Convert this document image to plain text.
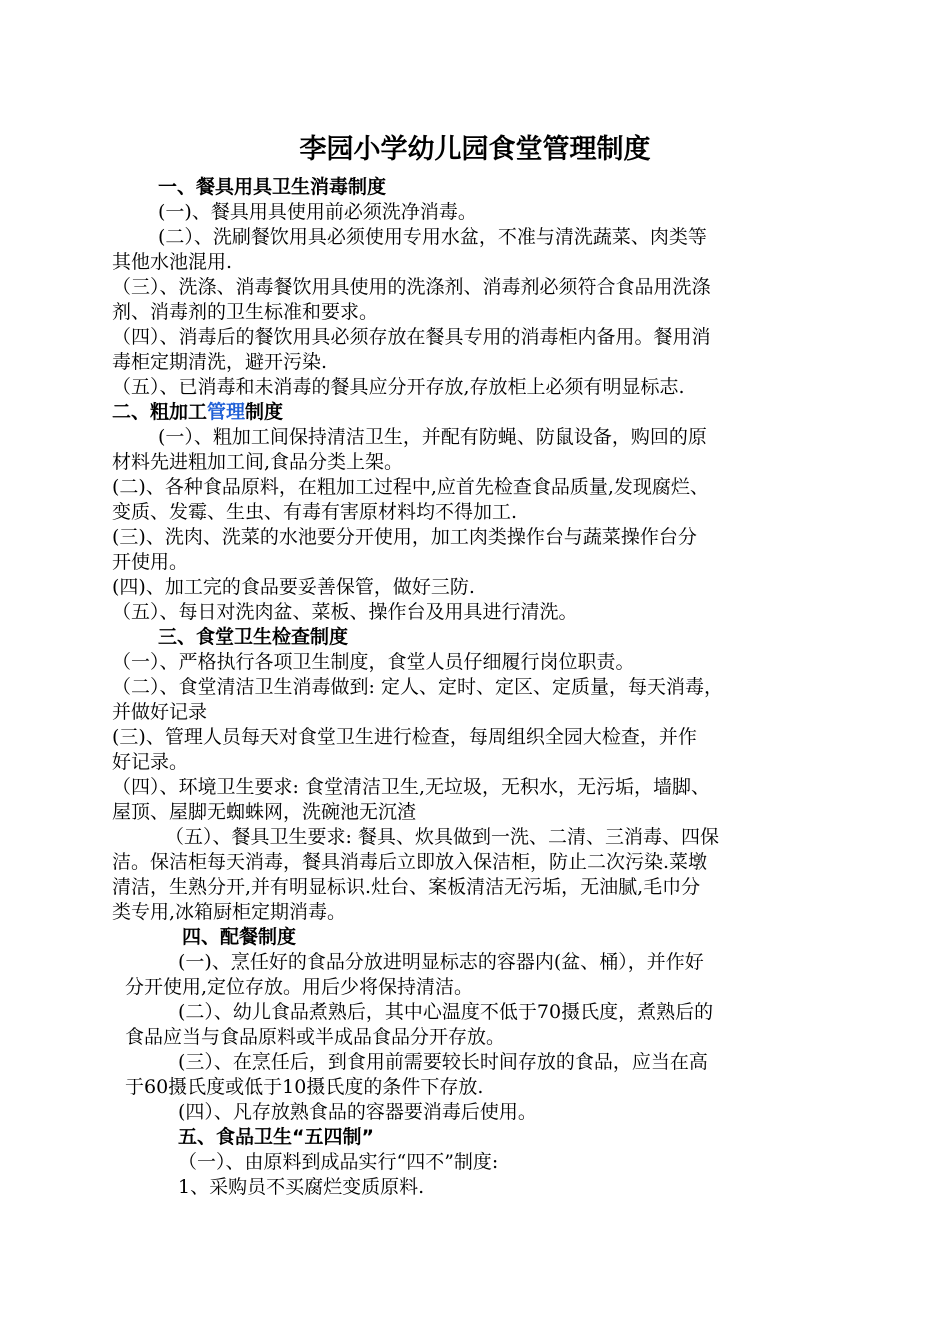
李园小学幼儿园食堂管理制度
一、餐具用具卫生消毒制度
(一)、餐具用具使用前必须洗净消毒。
(二）、洗刷餐饮用具必须使用专用水盆，不准与清洗蔬菜、肉类等
其他水池混用.
（三）、洗涤、消毒餐饮用具使用的洗涤剂、消毒剂必须符合食品用洗涤
剂、消毒剂的卫生标准和要求。
（四）、消毒后的餐饮用具必须存放在餐具专用的消毒柜内备用。餐用消
毒柜定期清洗，避开污染.
（五）、已消毒和未消毒的餐具应分开存放,存放柜上必须有明显标志.
二、粗加工管理制度
(一）、粗加工间保持清洁卫生，并配有防蝇、防鼠设备，购回的原
材料先进粗加工间,食品分类上架。
(二)、各种食品原料，在粗加工过程中,应首先检查食品质量,发现腐烂、
变质、发霉、生虫、有毒有害原材料均不得加工.
(三)、洗肉、洗菜的水池要分开使用，加工肉类操作台与蔬菜操作台分
开使用。
(四)、加工完的食品要妥善保管，做好三防.
（五）、每日对洗肉盆、菜板、操作台及用具进行清洗。
三、食堂卫生检查制度
（一）、严格执行各项卫生制度，食堂人员仔细履行岗位职责。
（二）、食堂清洁卫生消毒做到: 定人、定时、定区、定质量，每天消毒，
并做好记录
(三)、管理人员每天对食堂卫生进行检查，每周组织全园大检查，并作
好记录。
（四）、环境卫生要求: 食堂清洁卫生,无垃圾，无积水，无污垢，墙脚、
屋顶、屋脚无蜘蛛网，洗碗池无沉渣
（五）、餐具卫生要求: 餐具、炊具做到一洗、二清、三消毒、四保
洁。保洁柜每天消毒，餐具消毒后立即放入保洁柜，防止二次污染.菜墩
清洁，生熟分开,并有明显标识.灶台、案板清洁无污垢，无油腻,毛巾分
类专用,冰箱厨柜定期消毒。
四、配餐制度
(一)、烹任好的食品分放进明显标志的容器内(盆、桶），并作好
分开使用,定位存放。用后少将保持清洁。
(二）、幼儿食品煮熟后，其中心温度不低于70摄氏度，煮熟后的
食品应当与食品原料或半成品食品分开存放。
(三）、在烹任后，到食用前需要较长时间存放的食品，应当在高
于60摄氏度或低于10摄氏度的条件下存放.
(四）、凡存放熟食品的容器要消毒后使用。
五、食品卫生“五四制”
（一）、由原料到成品实行“四不”制度:
1、采购员不买腐烂变质原料.
